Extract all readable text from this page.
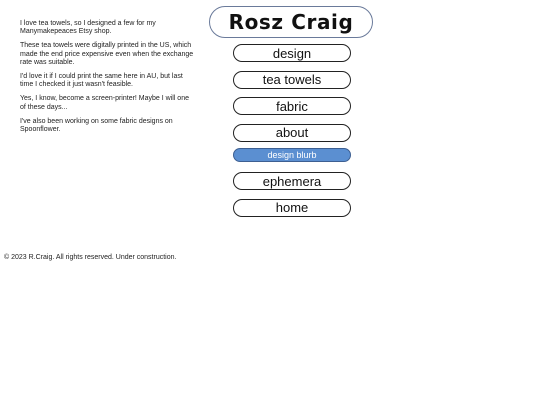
I love tea towels, so I designed a few for my Manymakepeaces Etsy shop.

These tea towels were digitally printed in the US, which made the end price expensive even when the exchange rate was suitable.

I'd love it if I could print the same here in AU, but last time I checked it just wasn't feasible.

Yes, I know, become a screen-printer! Maybe I will one of these days...

I've also been working on some fabric designs on Spoonflower.

Rosz Craig
design
tea towels
fabric
about
design blurb
ephemera
home
© 2023 R.Craig. All rights reserved. Under construction.
